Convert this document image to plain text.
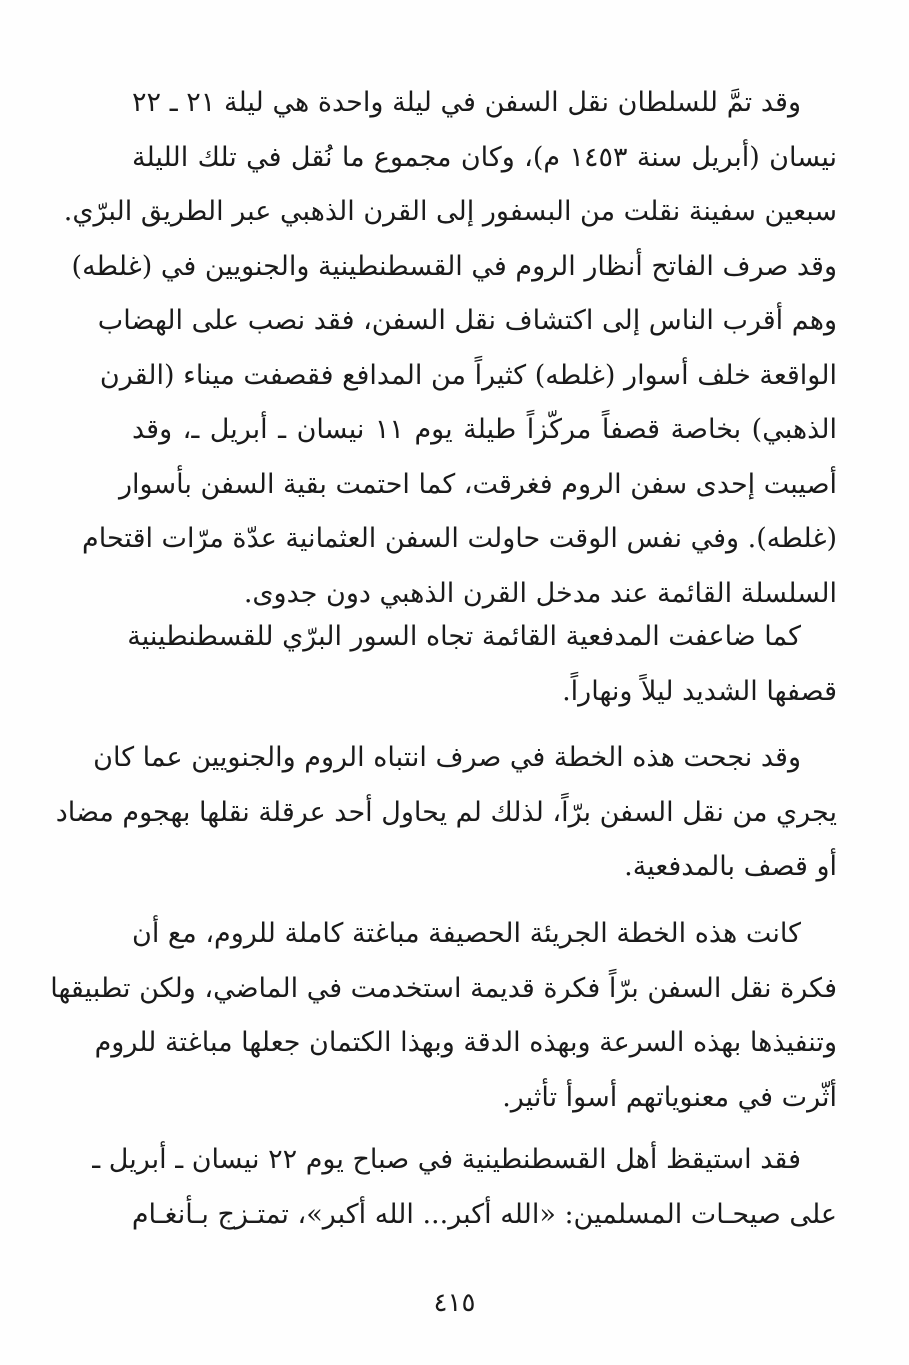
وقد تمَّ للسلطان نقل السفن في ليلة واحدة هي ليلة ٢١ ـ ٢٢
نيسان (أبريل سنة ١٤٥٣ م)، وكان مجموع ما نُقل في تلك الليلة
سبعين سفينة نقلت من البسفور إلى القرن الذهبي عبر الطريق البرّي.
وقد صرف الفاتح أنظار الروم في القسطنطينية والجنويين في (غلطه)
وهم أقرب الناس إلى اكتشاف نقل السفن، فقد نصب على الهضاب
الواقعة خلف أسوار (غلطه) كثيراً من المدافع فقصفت ميناء (القرن
الذهبي) بخاصة قصفاً مركّزاً طيلة يوم ١١ نيسان ـ أبريل ـ، وقد
أصيبت إحدى سفن الروم فغرقت، كما احتمت بقية السفن بأسوار
(غلطه). وفي نفس الوقت حاولت السفن العثمانية عدّة مرّات اقتحام
السلسلة القائمة عند مدخل القرن الذهبي دون جدوى.
كما ضاعفت المدفعية القائمة تجاه السور البرّي للقسطنطينية
قصفها الشديد ليلاً ونهاراً.
وقد نجحت هذه الخطة في صرف انتباه الروم والجنويين عما كان
يجري من نقل السفن برّاً، لذلك لم يحاول أحد عرقلة نقلها بهجوم مضاد
أو قصف بالمدفعية.
كانت هذه الخطة الجريئة الحصيفة مباغتة كاملة للروم، مع أن
فكرة نقل السفن برّاً فكرة قديمة استخدمت في الماضي، ولكن تطبيقها
وتنفيذها بهذه السرعة وبهذه الدقة وبهذا الكتمان جعلها مباغتة للروم
أثّرت في معنوياتهم أسوأ تأثير.
فقد استيقظ أهل القسطنطينية في صباح يوم ٢٢ نيسان ـ أبريل ـ
على صيحـات المسلمين: «الله أكبر... الله أكبر»، تمتـزج بـأنغـام
٤١٥
